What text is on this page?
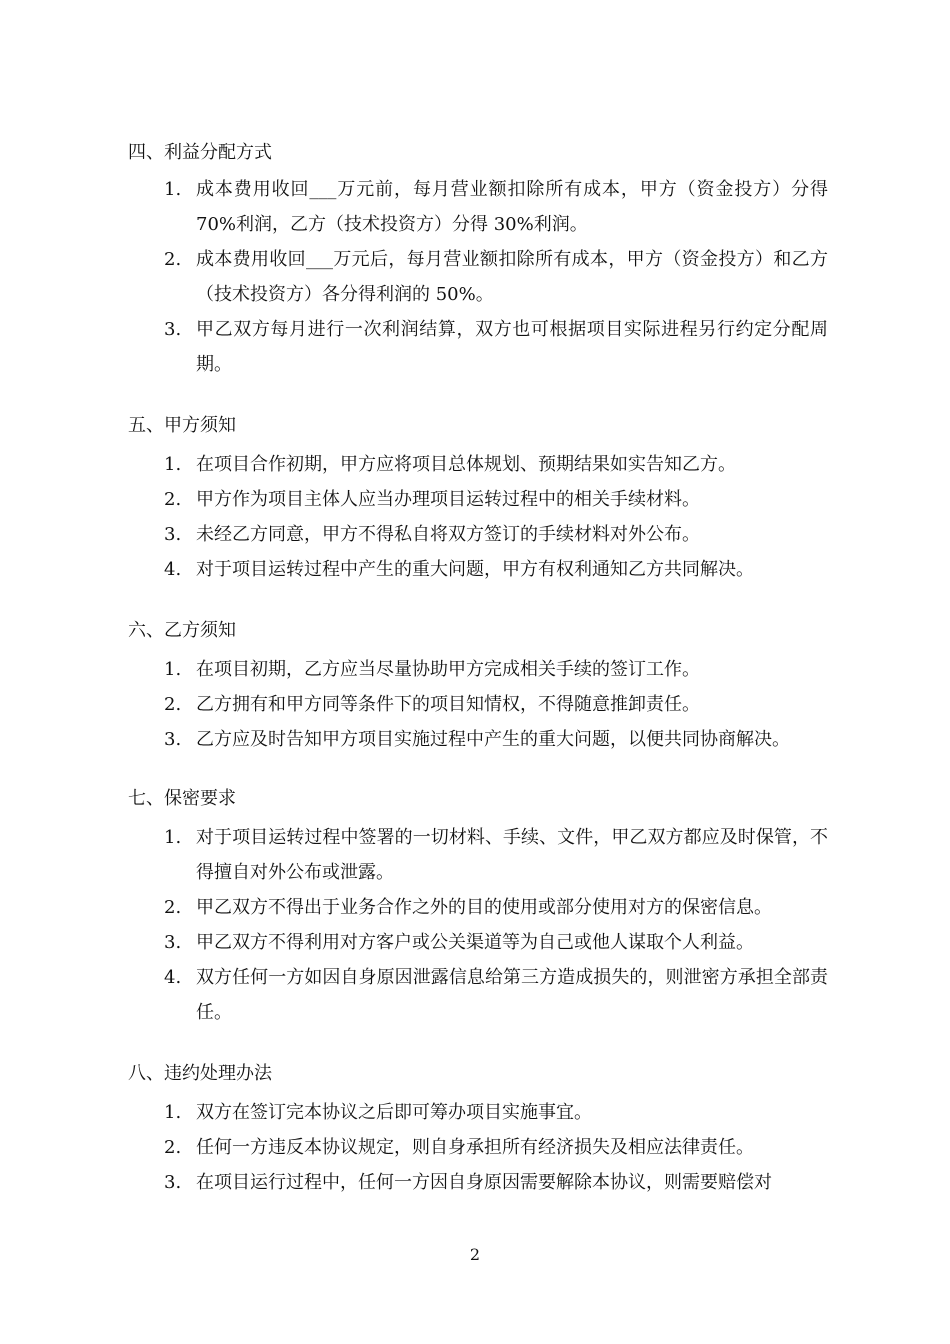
四、利益分配方式

1. 成本费用收回___万元前，每月营业额扣除所有成本，甲方（资金投方）分得 70%利润，乙方（技术投资方）分得 30%利润。
2. 成本费用收回___万元后，每月营业额扣除所有成本，甲方（资金投方）和乙方（技术投资方）各分得利润的 50%。
3. 甲乙双方每月进行一次利润结算，双方也可根据项目实际进程另行约定分配周期。

五、甲方须知

1. 在项目合作初期，甲方应将项目总体规划、预期结果如实告知乙方。
2. 甲方作为项目主体人应当办理项目运转过程中的相关手续材料。
3. 未经乙方同意，甲方不得私自将双方签订的手续材料对外公布。
4. 对于项目运转过程中产生的重大问题，甲方有权利通知乙方共同解决。

六、乙方须知

1. 在项目初期，乙方应当尽量协助甲方完成相关手续的签订工作。
2. 乙方拥有和甲方同等条件下的项目知情权，不得随意推卸责任。
3. 乙方应及时告知甲方项目实施过程中产生的重大问题，以便共同协商解决。

七、保密要求

1. 对于项目运转过程中签署的一切材料、手续、文件，甲乙双方都应及时保管，不得擅自对外公布或泄露。
2. 甲乙双方不得出于业务合作之外的目的使用或部分使用对方的保密信息。
3. 甲乙双方不得利用对方客户或公关渠道等为自己或他人谋取个人利益。
4. 双方任何一方如因自身原因泄露信息给第三方造成损失的，则泄密方承担全部责任。

八、违约处理办法

1. 双方在签订完本协议之后即可筹办项目实施事宜。
2. 任何一方违反本协议规定，则自身承担所有经济损失及相应法律责任。
3. 在项目运行过程中，任何一方因自身原因需要解除本协议，则需要赔偿对
2
